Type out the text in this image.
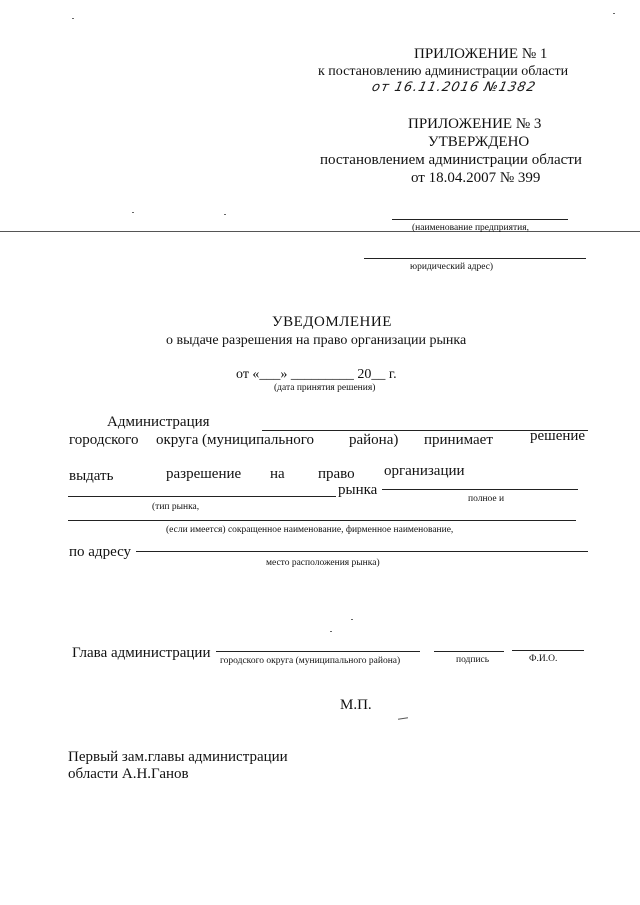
ПРИЛОЖЕНИЕ № 1
к постановлению администрации области
от 16.11.2016 №1382
ПРИЛОЖЕНИЕ № 3
УТВЕРЖДЕНО
постановлением администрации области
от 18.04.2007 № 399
(наименование предприятия,
юридический адрес)
УВЕДОМЛЕНИЕ
о выдаче разрешения на право организации рынка
от «___» _________ 20__ г.
(дата принятия решения)
Администрация
городского округа (муниципального района) принимает решение
выдать	разрешение на право организации
рынка
полное и
(тип рынка,
(если имеется) сокращенное наименование, фирменное наименование,
по адресу
место расположения рынка)
Глава администрации городского округа (муниципального района)	подпись	Ф.И.О.
М.П.
Первый зам.главы администрации
области А.Н.Ганов
